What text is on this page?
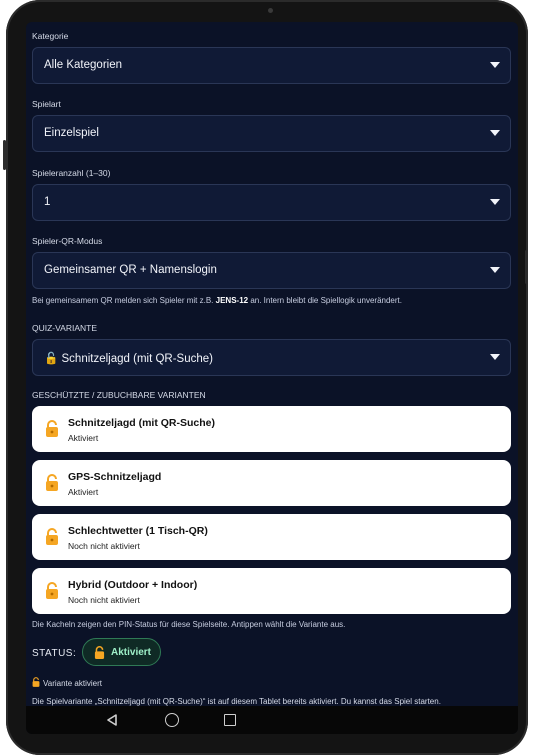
Kategorie
Alle Kategorien
Spielart
Einzelspiel
Spieleranzahl (1–30)
1
Spieler-QR-Modus
Gemeinsamer QR + Namenslogin
Bei gemeinsamem QR melden sich Spieler mit z.B. JENS-12 an. Intern bleibt die Spiellogik unverändert.
QUIZ-VARIANTE
🔓 Schnitzeljagd (mit QR-Suche)
GESCHÜTZTE / ZUBUCHBARE VARIANTEN
Schnitzeljagd (mit QR-Suche)
Aktiviert
GPS-Schnitzeljagd
Aktiviert
Schlechtwetter (1 Tisch-QR)
Noch nicht aktiviert
Hybrid (Outdoor + Indoor)
Noch nicht aktiviert
Die Kacheln zeigen den PIN-Status für diese Spielseite. Antippen wählt die Variante aus.
STATUS:	Aktiviert
Variante aktiviert
Die Spielvariante „Schnitzeljagd (mit QR-Suche)“ ist auf diesem Tablet bereits aktiviert. Du kannst das Spiel starten.
